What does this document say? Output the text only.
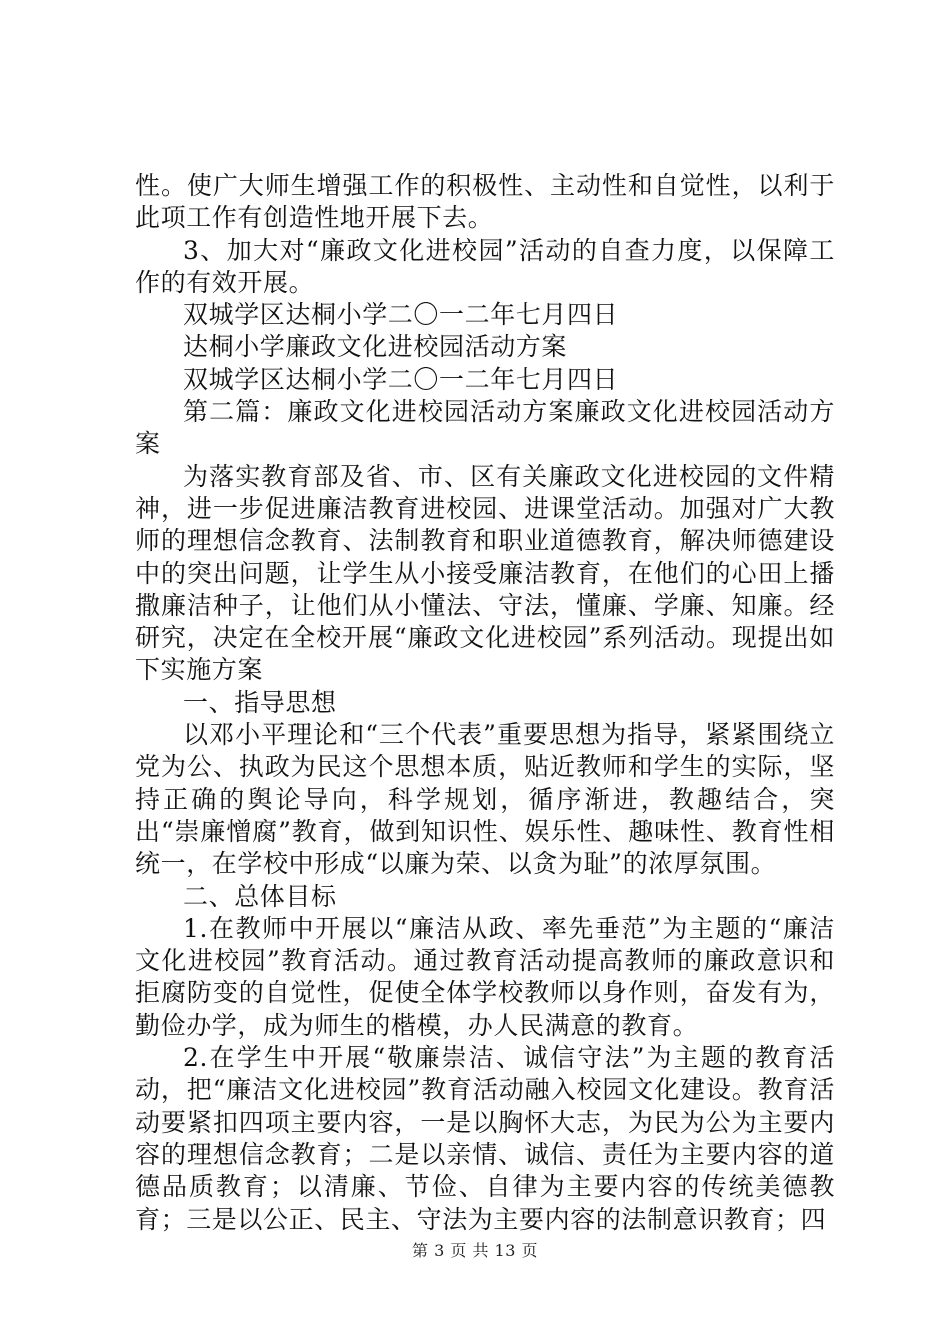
性。使广大师生增强工作的积极性、主动性和自觉性，以利于此项工作有创造性地开展下去。

3、加大对“廉政文化进校园”活动的自查力度，以保障工作的有效开展。

双城学区达桐小学二〇一二年七月四日

达桐小学廉政文化进校园活动方案

双城学区达桐小学二〇一二年七月四日

第二篇：廉政文化进校园活动方案廉政文化进校园活动方案

为落实教育部及省、市、区有关廉政文化进校园的文件精神，进一步促进廉洁教育进校园、进课堂活动。加强对广大教师的理想信念教育、法制教育和职业道德教育，解决师德建设中的突出问题，让学生从小接受廉洁教育，在他们的心田上播撒廉洁种子，让他们从小懂法、守法，懂廉、学廉、知廉。经研究，决定在全校开展“廉政文化进校园”系列活动。现提出如下实施方案

一、指导思想

以邓小平理论和“三个代表”重要思想为指导，紧紧围绕立党为公、执政为民这个思想本质，贴近教师和学生的实际，坚持正确的舆论导向，科学规划，循序渐进，教趣结合，突出“崇廉憎腐”教育，做到知识性、娱乐性、趣味性、教育性相统一，在学校中形成“以廉为荣、以贪为耻”的浓厚氛围。

二、总体目标

1.在教师中开展以“廉洁从政、率先垂范”为主题的“廉洁文化进校园”教育活动。通过教育活动提高教师的廉政意识和拒腐防变的自觉性，促使全体学校教师以身作则，奋发有为，勤俭办学，成为师生的楷模，办人民满意的教育。

2.在学生中开展“敬廉崇洁、诚信守法”为主题的教育活动，把“廉洁文化进校园”教育活动融入校园文化建设。教育活动要紧扣四项主要内容，一是以胸怀大志，为民为公为主要内容的理想信念教育；二是以亲情、诚信、责任为主要内容的道德品质教育；以清廉、节俭、自律为主要内容的传统美德教育；三是以公正、民主、守法为主要内容的法制意识教育；四

第 3 页 共 13 页
